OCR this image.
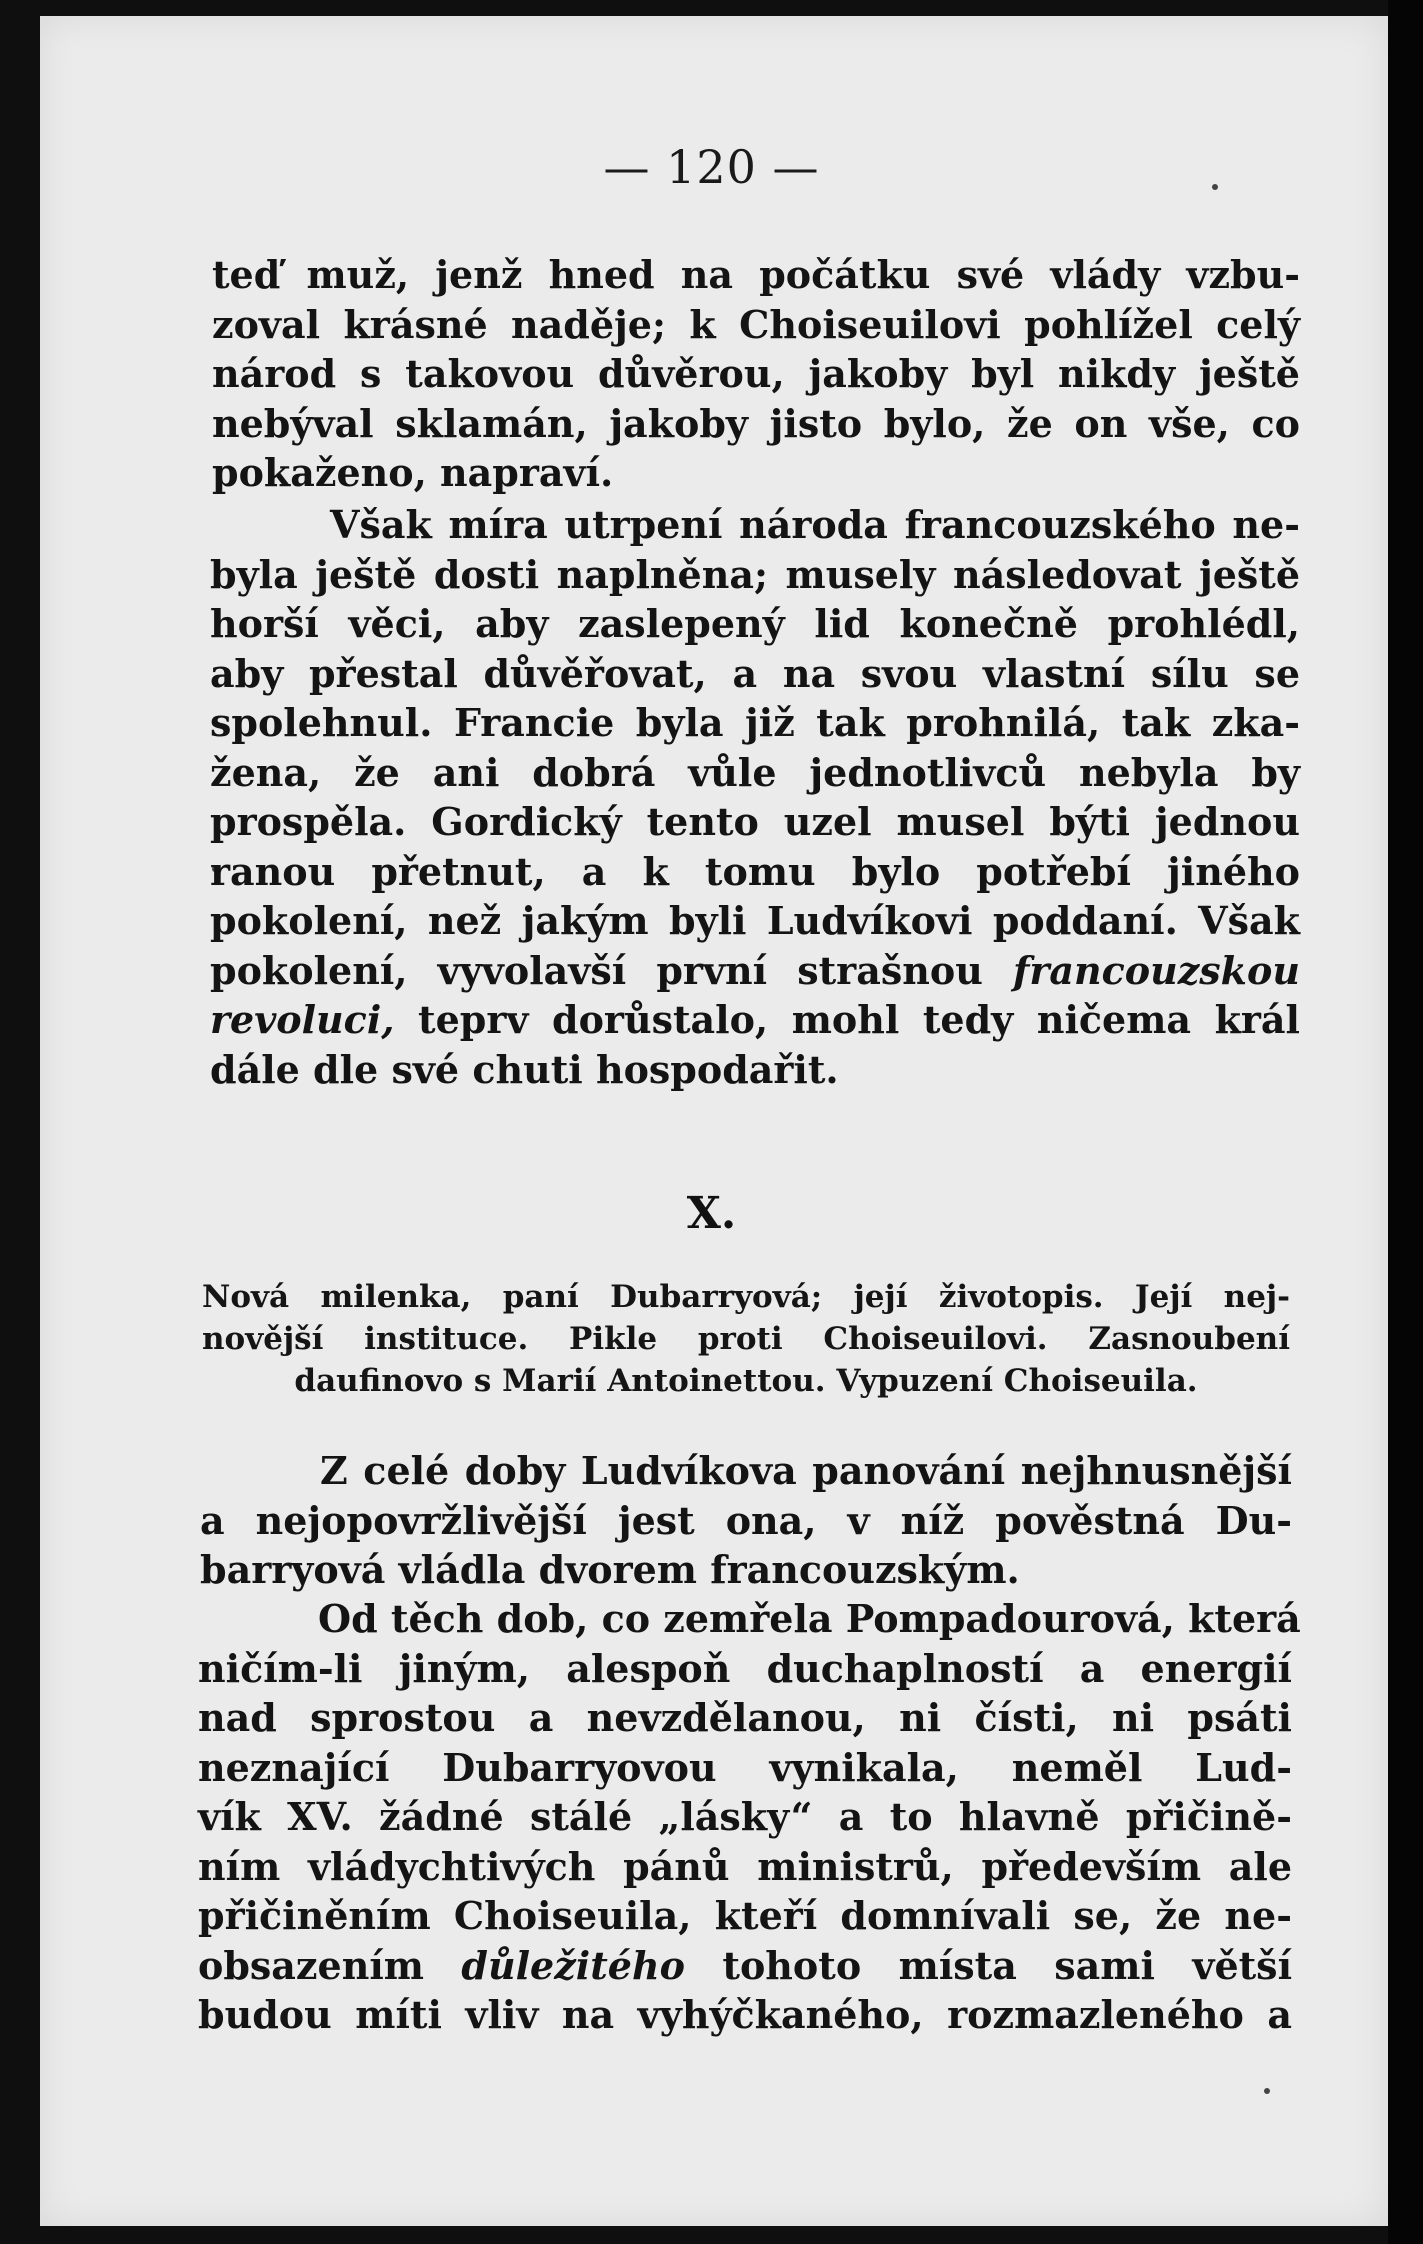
— 120 —
teď muž, jenž hned na počátku své vlády vzbu-
zoval krásné naděje; k Choiseuilovi pohlížel celý
národ s takovou důvěrou, jakoby byl nikdy ještě
nebýval sklamán, jakoby jisto bylo, že on vše, co
pokaženo, napraví.
Však míra utrpení národa francouzského ne-
byla ještě dosti naplněna; musely následovat ještě
horší věci, aby zaslepený lid konečně prohlédl,
aby přestal důvěřovat, a na svou vlastní sílu se
spolehnul. Francie byla již tak prohnilá, tak zka-
žena, že ani dobrá vůle jednotlivců nebyla by
prospěla. Gordický tento uzel musel býti jednou
ranou přetnut, a k tomu bylo potřebí jiného
pokolení, než jakým byli Ludvíkovi poddaní. Však
pokolení, vyvolavší první strašnou francouzskou
revoluci, teprv dorůstalo, mohl tedy ničema král
dále dle své chuti hospodařit.
X.
Nová milenka, paní Dubarryová; její životopis. Její nej-
novější instituce. Pikle proti Choiseuilovi. Zasnoubení
daufinovo s Marií Antoinettou. Vypuzení Choiseuila.
Z celé doby Ludvíkova panování nejhnusnější
a nejopovržlivější jest ona, v níž pověstná Du-
barryová vládla dvorem francouzským.
Od těch dob, co zemřela Pompadourová, která
ničím-li jiným, alespoň duchaplností a energií
nad sprostou a nevzdělanou, ni čísti, ni psáti
neznající Dubarryovou vynikala, neměl Lud-
vík XV. žádné stálé „lásky“ a to hlavně přičině-
ním vládychtivých pánů ministrů, především ale
přičiněním Choiseuila, kteří domnívali se, že ne-
obsazením důležitého tohoto místa sami větší
budou míti vliv na vyhýčkaného, rozmazleného a
